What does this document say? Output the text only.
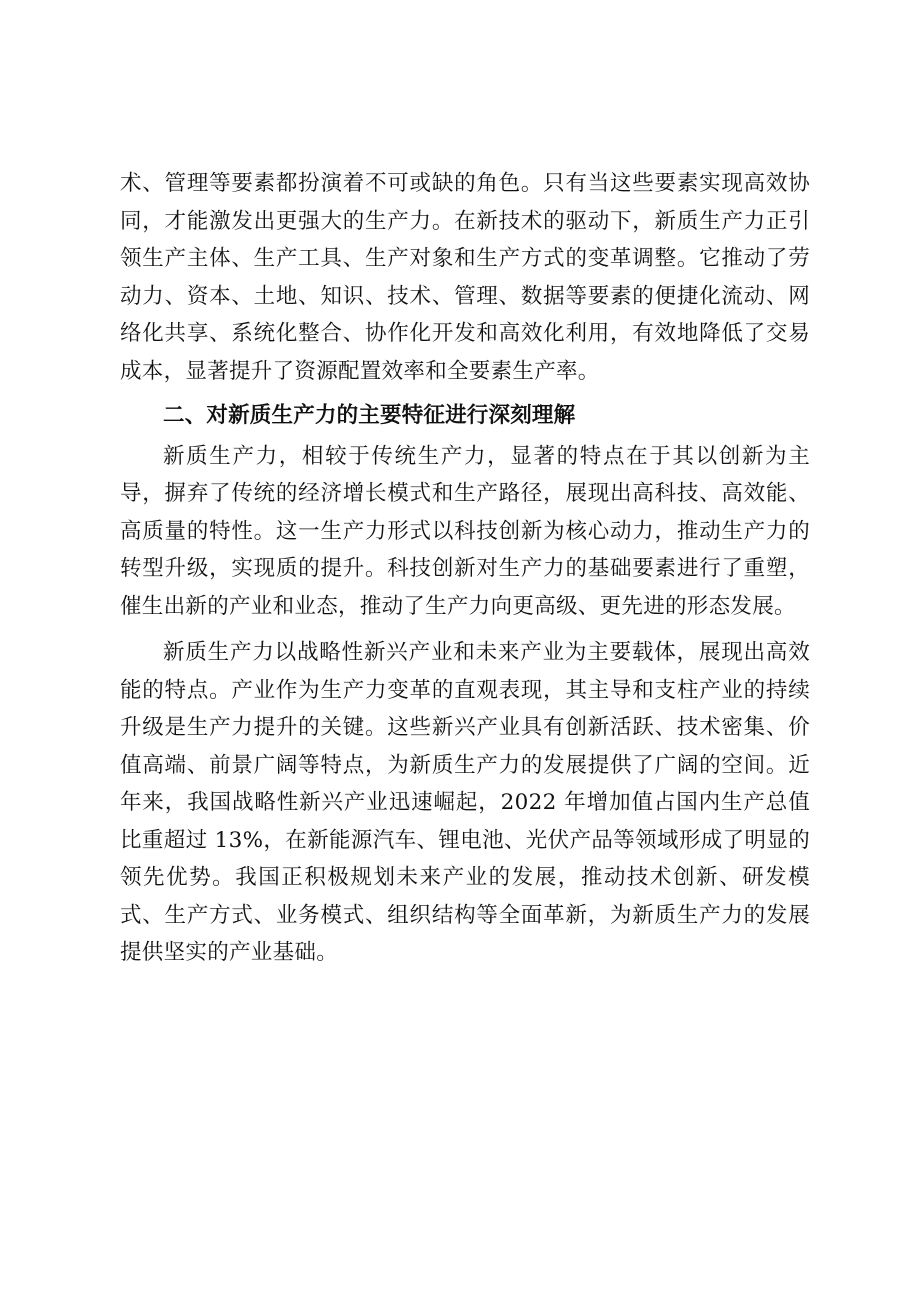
术、管理等要素都扮演着不可或缺的角色。只有当这些要素实现高效协同，才能激发出更强大的生产力。在新技术的驱动下，新质生产力正引领生产主体、生产工具、生产对象和生产方式的变革调整。它推动了劳动力、资本、土地、知识、技术、管理、数据等要素的便捷化流动、网络化共享、系统化整合、协作化开发和高效化利用，有效地降低了交易成本，显著提升了资源配置效率和全要素生产率。

二、对新质生产力的主要特征进行深刻理解

新质生产力，相较于传统生产力，显著的特点在于其以创新为主导，摒弃了传统的经济增长模式和生产路径，展现出高科技、高效能、高质量的特性。这一生产力形式以科技创新为核心动力，推动生产力的转型升级，实现质的提升。科技创新对生产力的基础要素进行了重塑，催生出新的产业和业态，推动了生产力向更高级、更先进的形态发展。

新质生产力以战略性新兴产业和未来产业为主要载体，展现出高效能的特点。产业作为生产力变革的直观表现，其主导和支柱产业的持续升级是生产力提升的关键。这些新兴产业具有创新活跃、技术密集、价值高端、前景广阔等特点，为新质生产力的发展提供了广阔的空间。近年来，我国战略性新兴产业迅速崛起，2022 年增加值占国内生产总值比重超过 13%，在新能源汽车、锂电池、光伏产品等领域形成了明显的领先优势。我国正积极规划未来产业的发展，推动技术创新、研发模式、生产方式、业务模式、组织结构等全面革新，为新质生产力的发展提供坚实的产业基础。
